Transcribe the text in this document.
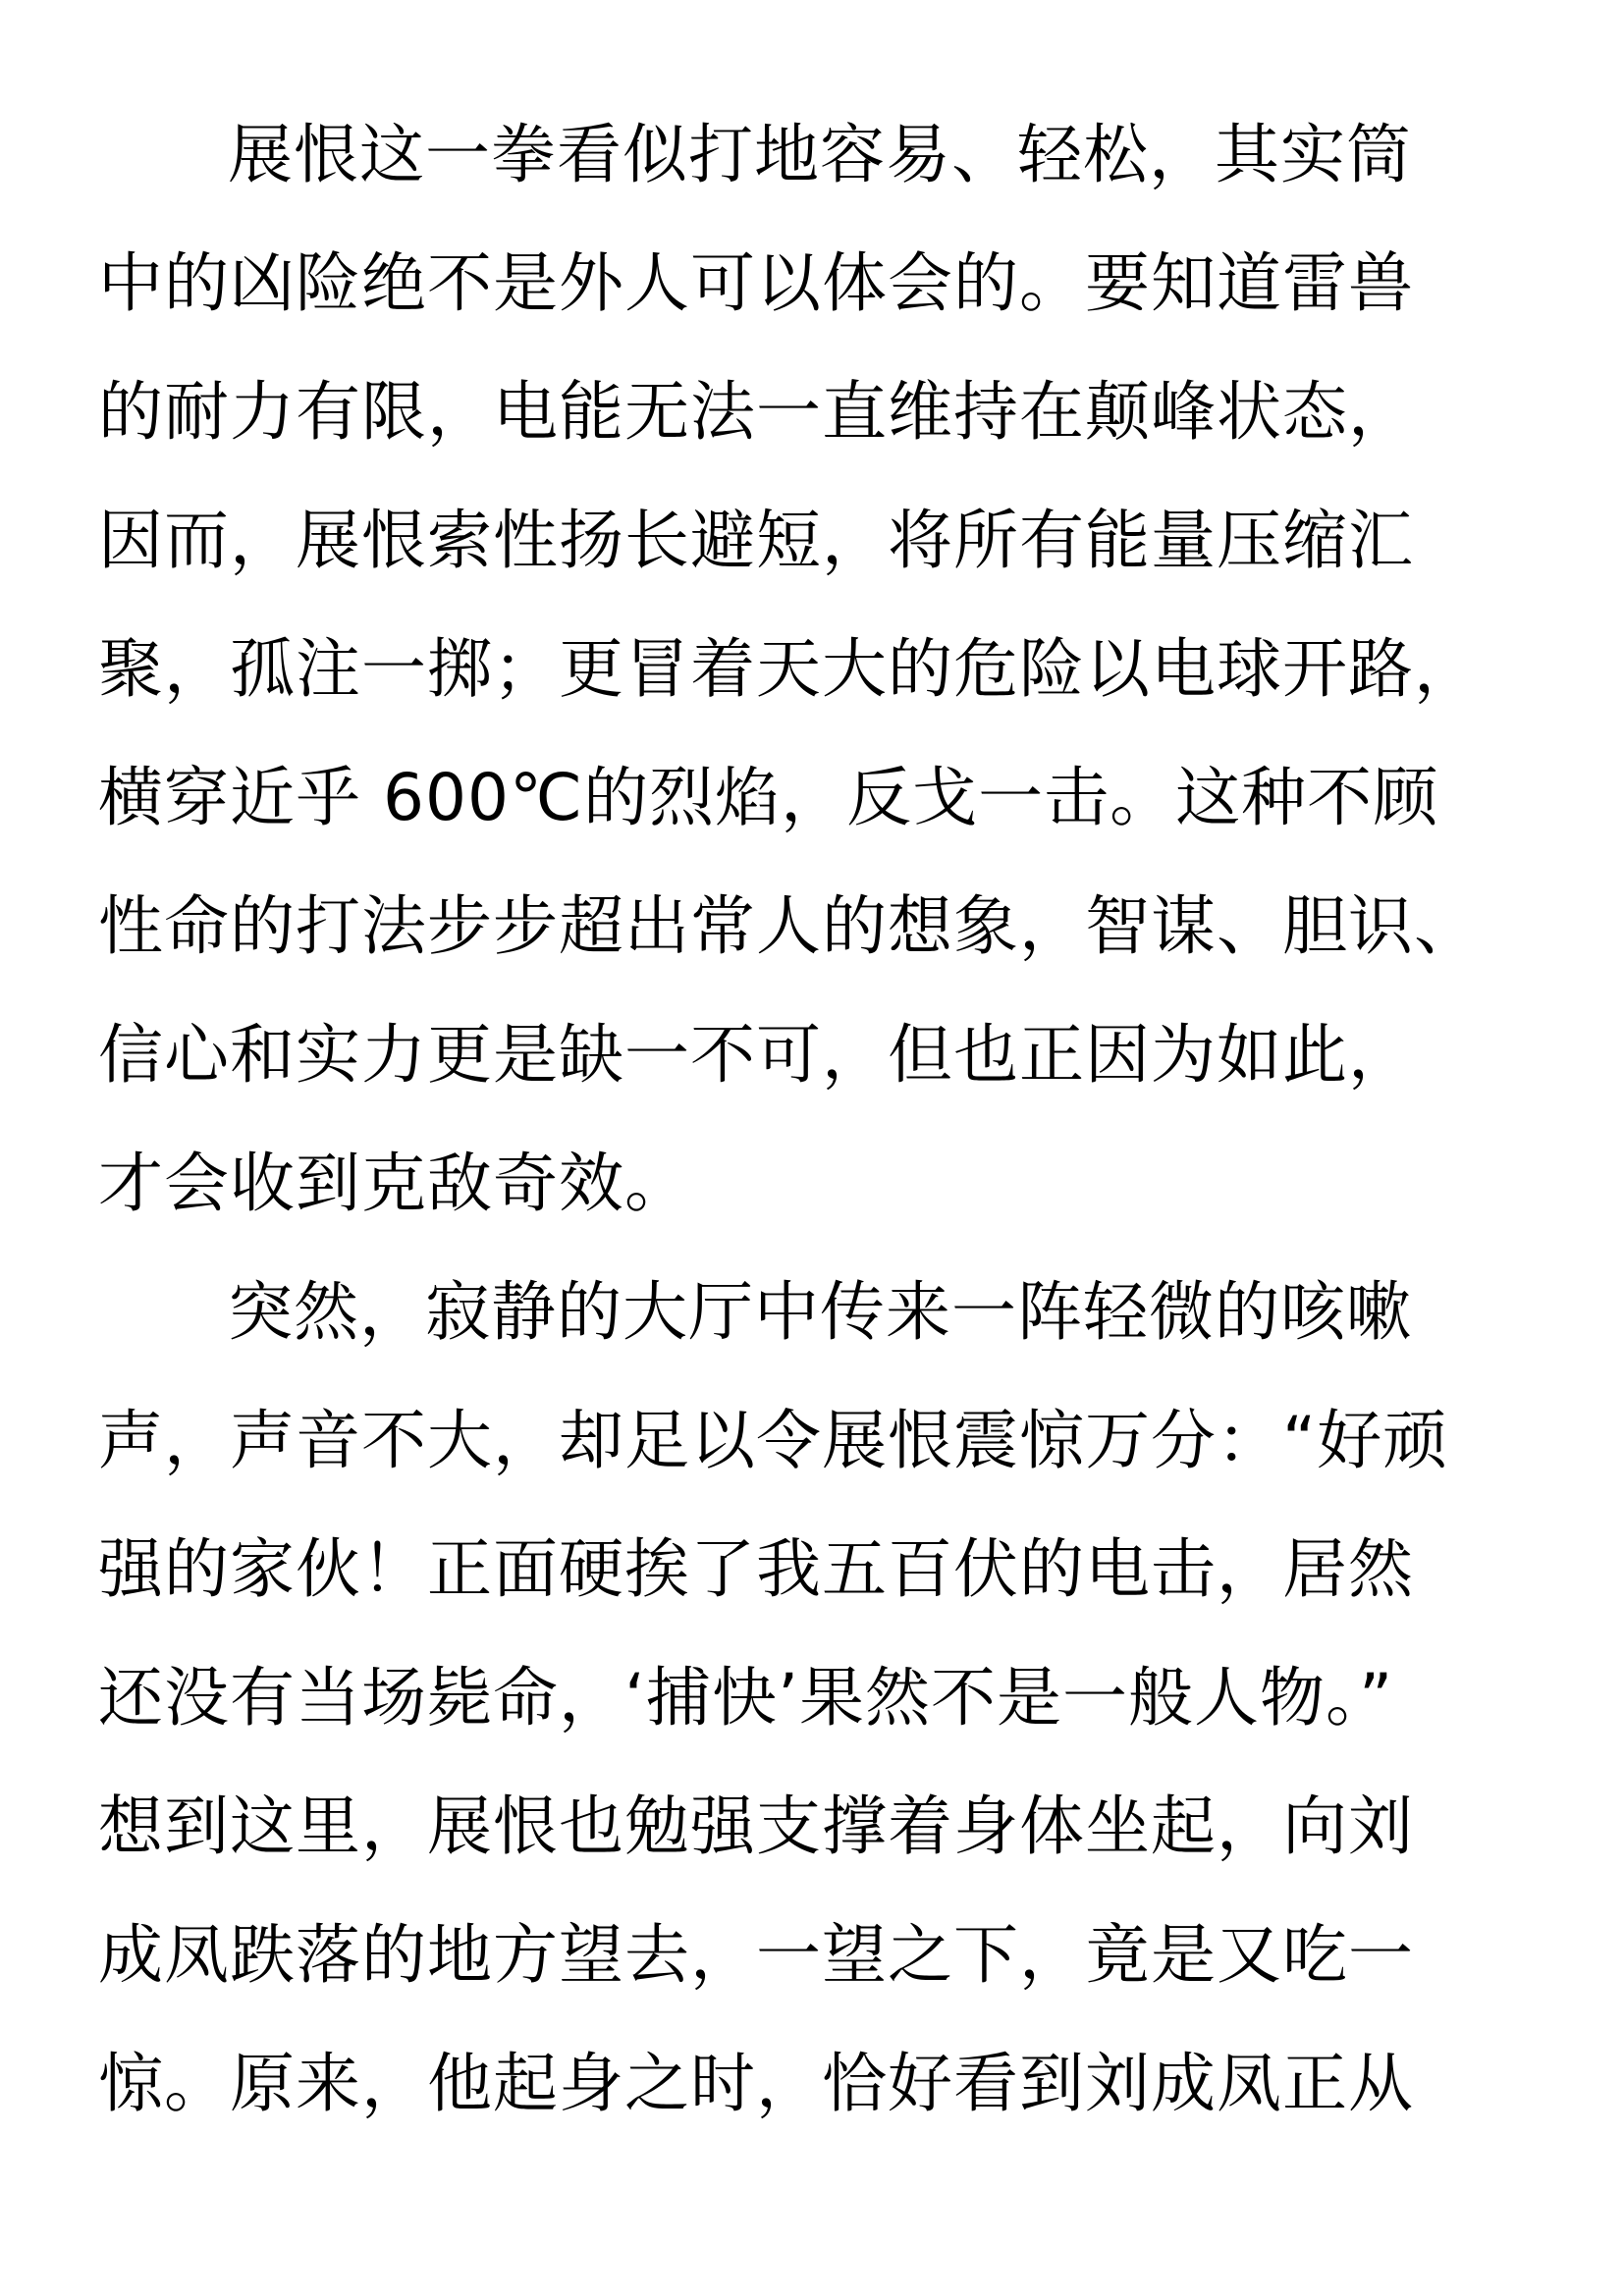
展恨这一拳看似打地容易、轻松，其实筒
中的凶险绝不是外人可以体会的。要知道雷兽
的耐力有限，电能无法一直维持在颠峰状态，
因而，展恨索性扬长避短，将所有能量压缩汇
聚，孤注一掷；更冒着天大的危险以电球开路，
横穿近乎 600℃的烈焰，反戈一击。这种不顾
性命的打法步步超出常人的想象，智谋、胆识、
信心和实力更是缺一不可，但也正因为如此，
才会收到克敌奇效。
突然，寂静的大厅中传来一阵轻微的咳嗽
声，声音不大，却足以令展恨震惊万分：“好顽
强的家伙！正面硬挨了我五百伏的电击，居然
还没有当场毙命，‘捕快’果然不是一般人物。”
想到这里，展恨也勉强支撑着身体坐起，向刘
成凤跌落的地方望去，一望之下，竟是又吃一
惊。原来，他起身之时，恰好看到刘成凤正从
